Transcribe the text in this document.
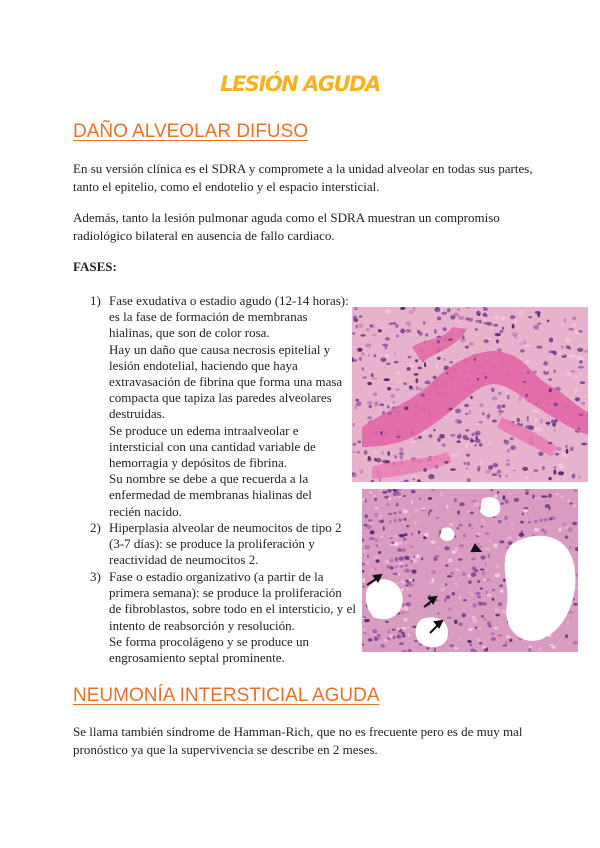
LESIÓN AGUDA
DAÑO ALVEOLAR DIFUSO
En su versión clínica es el SDRA y compromete a la unidad alveolar en todas sus partes, tanto el epitelio, como el endotelio y el espacio intersticial.
Además, tanto la lesión pulmonar aguda como el SDRA muestran un compromiso radiológico bilateral en ausencia de fallo cardiaco.
FASES:
1) Fase exudativa o estadio agudo (12-14 horas):
es la fase de formación de membranas
hialinas, que son de color rosa.
Hay un daño que causa necrosis epitelial y
lesión endotelial, haciendo que haya
extravasación de fibrina que forma una masa
compacta que tapiza las paredes alveolares
destruidas.
Se produce un edema intraalveolar e
intersticial con una cantidad variable de
hemorragia y depósitos de fibrina.
Su nombre se debe a que recuerda a la
enfermedad de membranas hialinas del
recién nacido.
2) Hiperplasia alveolar de neumocitos de tipo 2
(3-7 días): se produce la proliferación y
reactividad de neumocitos 2.
3) Fase o estadio organizativo (a partir de la
primera semana): se produce la proliferación
de fibroblastos, sobre todo en el intersticio, y el
intento de reabsorción y resolución.
Se forma procolágeno y se produce un
engrosamiento septal prominente.
NEUMONÍA INTERSTICIAL AGUDA
Se llama también síndrome de Hamman-Rich, que no es frecuente pero es de muy mal pronóstico ya que la supervivencia se describe en 2 meses.
